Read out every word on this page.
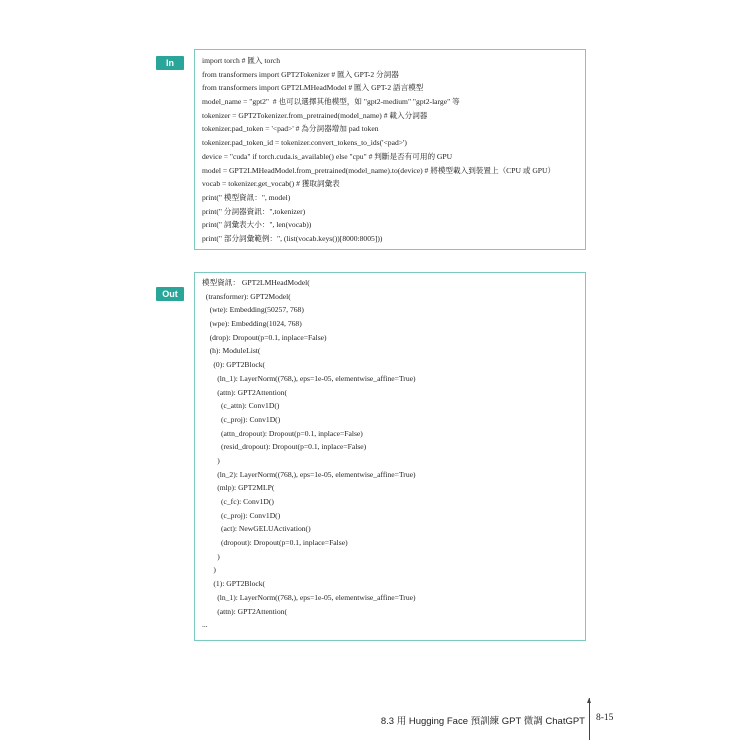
In	import torch # 匯入 torch
from transformers import GPT2Tokenizer # 匯入 GPT-2 分詞器
from transformers import GPT2LMHeadModel # 匯入 GPT-2 語言模型
model_name = "gpt2"  # 也可以選擇其他模型，如 "gpt2-medium" "gpt2-large" 等
tokenizer = GPT2Tokenizer.from_pretrained(model_name) # 載入分詞器
tokenizer.pad_token = '<pad>' # 為分詞器增加 pad token
tokenizer.pad_token_id = tokenizer.convert_tokens_to_ids('<pad>')
device = "cuda" if torch.cuda.is_available() else "cpu" # 判斷是否有可用的 GPU
model = GPT2LMHeadModel.from_pretrained(model_name).to(device) # 將模型載入到裝置上（CPU 或 GPU）
vocab = tokenizer.get_vocab() # 獲取詞彙表
print(" 模型資訊：", model)
print(" 分詞器資訊：",tokenizer)
print(" 詞彙表大小：", len(vocab))
print(" 部分詞彙範例：", (list(vocab.keys())[8000:8005]))
Out
模型資訊： GPT2LMHeadModel(
(transformer): GPT2Model(
(wte): Embedding(50257, 768)
(wpe): Embedding(1024, 768)
(drop): Dropout(p=0.1, inplace=False)
(h): ModuleList(
(0): GPT2Block(
(ln_1): LayerNorm((768,), eps=1e-05, elementwise_affine=True)
(attn): GPT2Attention(
(c_attn): Conv1D()
(c_proj): Conv1D()
(attn_dropout): Dropout(p=0.1, inplace=False)
(resid_dropout): Dropout(p=0.1, inplace=False)
)
(ln_2): LayerNorm((768,), eps=1e-05, elementwise_affine=True)
(mlp): GPT2MLP(
(c_fc): Conv1D()
(c_proj): Conv1D()
(act): NewGELUActivation()
(dropout): Dropout(p=0.1, inplace=False)
)
)
(1): GPT2Block(
(ln_1): LayerNorm((768,), eps=1e-05, elementwise_affine=True)
(attn): GPT2Attention(
...
8.3 用 Hugging Face 預訓練 GPT 微調 ChatGPT 8-15
